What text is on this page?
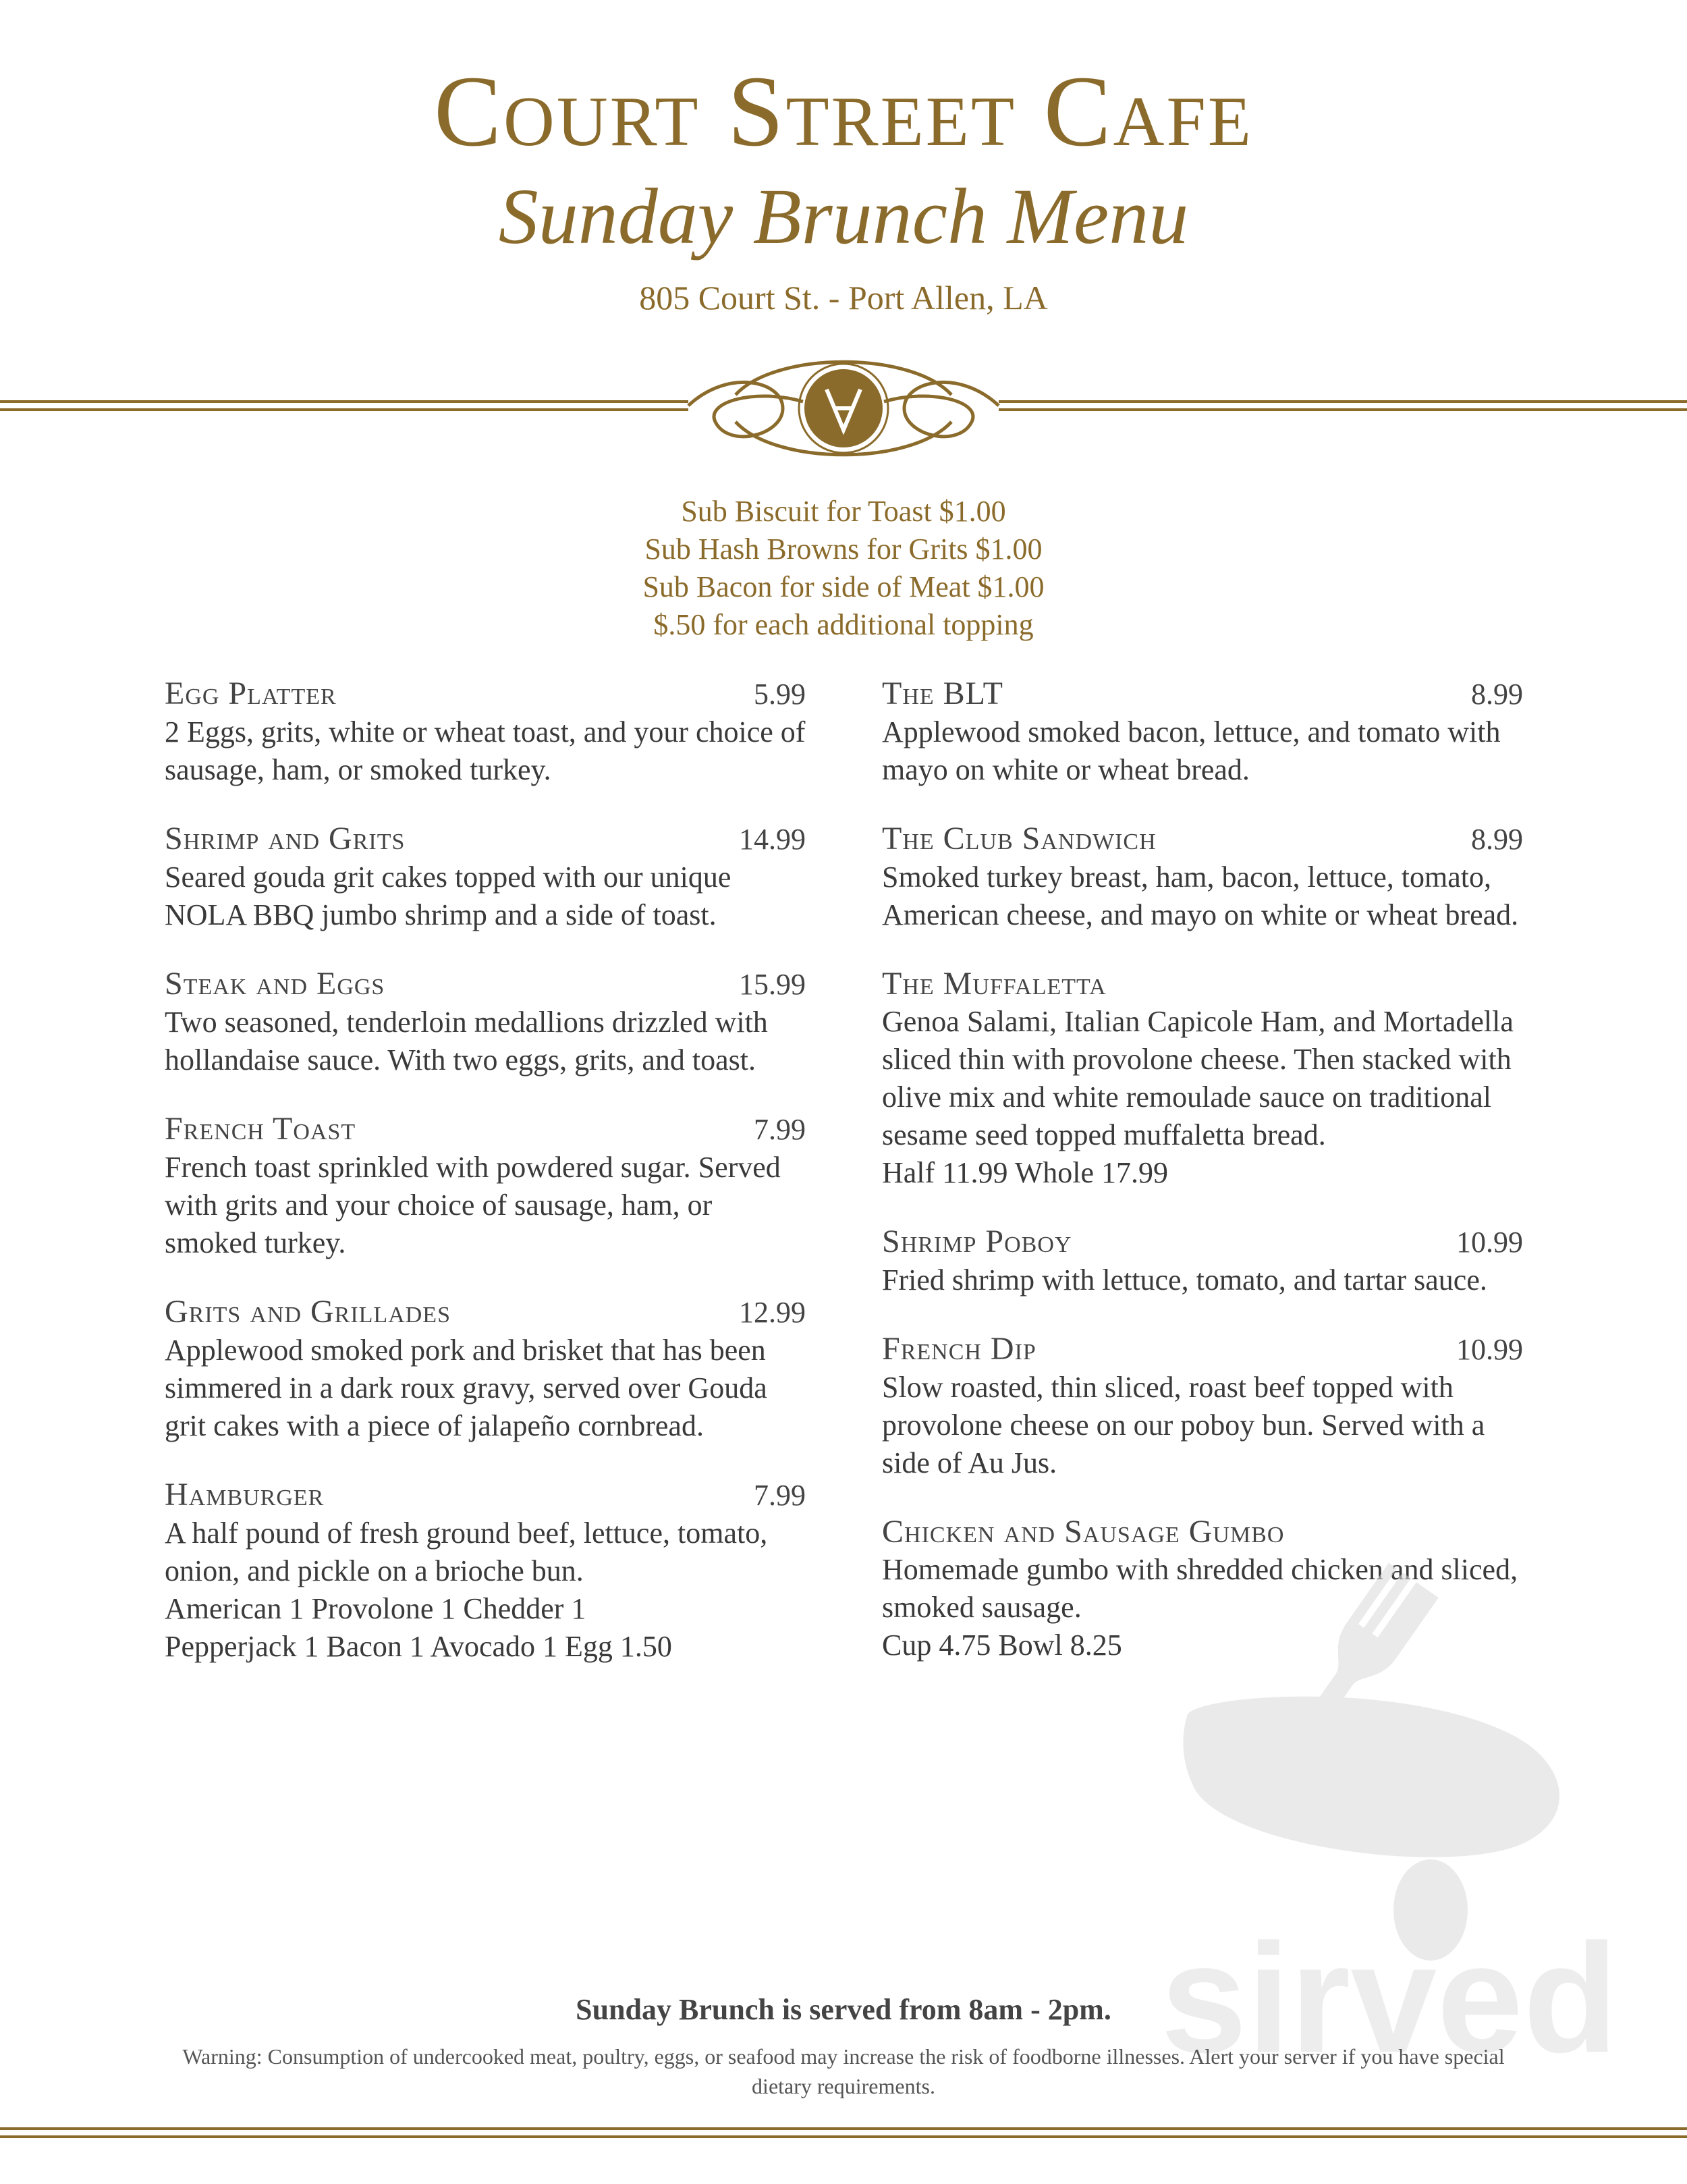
Court Street Cafe
Sunday Brunch Menu
805 Court St. - Port Allen, LA
Sub Biscuit for Toast $1.00
Sub Hash Browns for Grits $1.00
Sub Bacon for side of Meat $1.00
$.50 for each additional topping
Egg Platter	5.99
2 Eggs, grits, white or wheat toast, and your choice of sausage, ham, or smoked turkey.
Shrimp and Grits	14.99
Seared gouda grit cakes topped with our unique NOLA BBQ jumbo shrimp and a side of toast.
Steak and Eggs	15.99
Two seasoned, tenderloin medallions drizzled with hollandaise sauce. With two eggs, grits, and toast.
French Toast	7.99
French toast sprinkled with powdered sugar. Served with grits and your choice of sausage, ham, or smoked turkey.
Grits and Grillades	12.99
Applewood smoked pork and brisket that has been simmered in a dark roux gravy, served over Gouda grit cakes with a piece of jalapeño cornbread.
Hamburger	7.99
A half pound of fresh ground beef, lettuce, tomato, onion, and pickle on a brioche bun.
American 1 Provolone 1 Chedder 1
Pepperjack 1 Bacon 1 Avocado 1 Egg 1.50
The BLT	8.99
Applewood smoked bacon, lettuce, and tomato with mayo on white or wheat bread.
The Club Sandwich	8.99
Smoked turkey breast, ham, bacon, lettuce, tomato, American cheese, and mayo on white or wheat bread.
The Muffaletta
Genoa Salami, Italian Capicole Ham, and Mortadella sliced thin with provolone cheese. Then stacked with olive mix and white remoulade sauce on traditional sesame seed topped muffaletta bread.
Half 11.99 Whole 17.99
Shrimp Poboy	10.99
Fried shrimp with lettuce, tomato, and tartar sauce.
French Dip	10.99
Slow roasted, thin sliced, roast beef topped with provolone cheese on our poboy bun. Served with a side of Au Jus.
Chicken and Sausage Gumbo
Homemade gumbo with shredded chicken and sliced, smoked sausage.
Cup 4.75 Bowl 8.25
sirved
Sunday Brunch is served from 8am - 2pm.
Warning: Consumption of undercooked meat, poultry, eggs, or seafood may increase the risk of foodborne illnesses. Alert your server if you have special dietary requirements.
